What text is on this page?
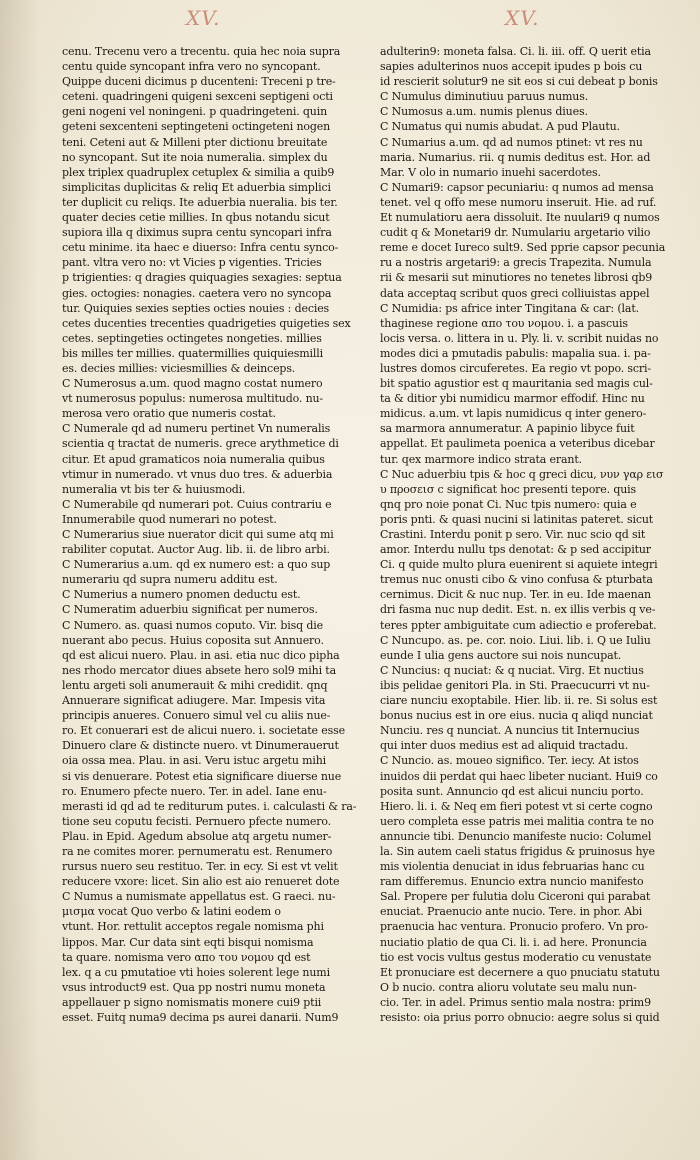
XV.	XV.
cenu. Trecenu vero a trecentu. quia hec noia supra
centu quide syncopant infra vero no syncopant.
Quippe duceni dicimus p ducenteni: Treceni p tre-
ceteni. quadringeni quigeni sexceni septigeni octi
geni nogeni vel noningeni. p quadringeteni. quin
geteni sexcenteni septingeteni octingeteni nogen
teni. Ceteni aut & Milleni pter dictionu breuitate
no syncopant. Sut ite noia numeralia. simplex du
plex triplex quadruplex cetuplex & similia a quib9
simplicitas duplicitas & reliq Et aduerbia simplici
ter duplicit cu reliqs. Ite aduerbia nueralia. bis ter.
quater decies cetie millies. In qbus notandu sicut
supiora illa q diximus supra centu syncopari infra
cetu minime. ita haec e diuerso: Infra centu synco-
pant. vltra vero no: vt Vicies p vigenties. Tricies
p trigienties: q dragies quiquagies sexagies: septua
gies. octogies: nonagies. caetera vero no syncopa
tur. Quiquies sexies septies octies nouies : decies
cetes ducenties trecenties quadrigeties quigeties sex
cetes. septingeties octingetes nongeties. millies
bis milles ter millies. quatermillies quiquiesmilli
es. decies millies: viciesmillies & deinceps.
C Numerosus a.um. quod magno costat numero
vt numerosus populus: numerosa multitudo. nu-
merosa vero oratio que numeris costat.
C Numerale qd ad numeru pertinet Vn numeralis
scientia q tractat de numeris. grece arythmetice di
citur. Et apud gramaticos noia numeralia quibus
vtimur in numerado. vt vnus duo tres. & aduerbia
numeralia vt bis ter & huiusmodi.
C Numerabile qd numerari pot. Cuius contrariu e
Innumerabile quod numerari no potest.
C Numerarius siue nuerator dicit qui sume atq mi
rabiliter coputat. Auctor Aug. lib. ii. de libro arbi.
C Numerarius a.um. qd ex numero est: a quo sup
numerariu qd supra numeru additu est.
C Numerius a numero pnomen deductu est.
C Numeratim aduerbiu significat per numeros.
C Numero. as. quasi numos coputo. Vir. bisq die
nuerant abo pecus. Huius coposita sut Annuero.
qd est alicui nuero. Plau. in asi. etia nuc dico pipha
nes rhodo mercator diues absete hero sol9 mihi ta
lentu argeti soli anumerauit & mihi credidit. qnq
Annuerare significat adiugere. Mar. Impesis vita
principis anueres. Conuero simul vel cu aliis nue-
ro. Et conuerari est de alicui nuero. i. societate esse
Dinuero clare & distincte nuero. vt Dinumerauerut
oia ossa mea. Plau. in asi. Veru istuc argetu mihi
si vis denuerare. Potest etia significare diuerse nue
ro. Enumero pfecte nuero. Ter. in adel. Iane enu-
merasti id qd ad te rediturum putes. i. calculasti & ra-
tione seu coputu fecisti. Pernuero pfecte numero.
Plau. in Epid. Agedum absolue atq argetu numer-
ra ne comites morer. pernumeratu est. Renumero
rursus nuero seu restituo. Ter. in ecy. Si est vt velit
reducere vxore: licet. Sin alio est aio renueret dote
C Numus a numismate appellatus est. G raeci. nu-
μισμα vocat Quo verbo & latini eodem o
vtunt. Hor. rettulit acceptos regale nomisma phi
lippos. Mar. Cur data sint eqti bisqui nomisma
ta quare. nomisma vero απο του νομου qd est
lex. q a cu pmutatioe vti hoies solerent lege numi
vsus introduct9 est. Qua pp nostri numu moneta
appellauer p signo nomismatis monere cui9 ptii
esset. Fuitq numa9 decima ps aurei danarii. Num9
adulterin9: moneta falsa. Ci. li. iii. off. Q uerit etia
sapies adulterinos nuos accepit ipudes p bois cu
id rescierit solutur9 ne sit eos si cui debeat p bonis
C Numulus diminutiuu paruus numus.
C Numosus a.um. numis plenus diues.
C Numatus qui numis abudat. A pud Plautu.
C Numarius a.um. qd ad numos ptinet: vt res nu
maria. Numarius. rii. q numis deditus est. Hor. ad
Mar. V olo in numario inuehi sacerdotes.
C Numari9: capsor pecuniariu: q numos ad mensa
tenet. vel q offo mese numoru inseruit. Hie. ad ruf.
Et numulatioru aera dissoluit. Ite nuulari9 q numos
cudit q & Monetari9 dr. Numulariu argetario vilio
reme e docet Iureco sult9. Sed pprie capsor pecunia
ru a nostris argetari9: a grecis Trapezita. Numula
rii & mesarii sut minutiores no tenetes librosi qb9
data acceptaq scribut quos greci colliuistas appel
C Numidia: ps africe inter Tingitana & car: (lat.
thaginese regione απο του νομου. i. a pascuis
locis versa. o. littera in u. Ply. li. v. scribit nuidas no
modes dici a pmutadis pabulis: mapalia sua. i. pa-
lustres domos circuferetes. Ea regio vt popo. scri-
bit spatio agustior est q mauritania sed magis cul-
ta & ditior ybi numidicu marmor effodif. Hinc nu
midicus. a.um. vt lapis numidicus q inter genero-
sa marmora annumeratur. A papinio libyce fuit
appellat. Et paulimeta poenica a veteribus dicebar
tur. qex marmore indico strata erant.
C Nuc aduerbiu tpis & hoc q greci dicu, νυν γαρ εισ
υ προσεισ c significat hoc presenti tepore. quis
qnq pro noie ponat Ci. Nuc tpis numero: quia e
poris pnti. & quasi nucini si latinitas pateret. sicut
Crastini. Interdu ponit p sero. Vir. nuc scio qd sit
amor. Interdu nullu tps denotat: & p sed accipitur
Ci. q quide multo plura euenirent si aquiete integri
tremus nuc onusti cibo & vino confusa & pturbata
cernimus. Dicit & nuc nup. Ter. in eu. Ide maenan
dri fasma nuc nup dedit. Est. n. ex illis verbis q ve-
teres ppter ambiguitate cum adiectio e proferebat.
C Nuncupo. as. pe. cor. noio. Liui. lib. i. Q ue Iuliu
eunde I ulia gens auctore sui nois nuncupat.
C Nuncius: q nuciat: & q nuciat. Virg. Et nuctius
ibis pelidae genitori Pla. in Sti. Praecucurri vt nu-
ciare nunciu exoptabile. Hier. lib. ii. re. Si solus est
bonus nucius est in ore eius. nucia q aliqd nunciat
Nunciu. res q nunciat. A nuncius tit Internucius
qui inter duos medius est ad aliquid tractadu.
C Nuncio. as. moueo significo. Ter. iecy. At istos
inuidos dii perdat qui haec libeter nuciant. Hui9 co
posita sunt. Annuncio qd est alicui nunciu porto.
Hiero. li. i. & Neq em fieri potest vt si certe cogno
uero completa esse patris mei malitia contra te no
annuncie tibi. Denuncio manifeste nucio: Columel
la. Sin autem caeli status frigidus & pruinosus hye
mis violentia denuciat in idus februarias hanc cu
ram differemus. Enuncio extra nuncio manifesto
Sal. Propere per fulutia dolu Ciceroni qui parabat
enuciat. Praenucio ante nucio. Tere. in phor. Abi
praenucia hac ventura. Pronucio profero. Vn pro-
nuciatio platio de qua Ci. li. i. ad here. Pronuncia
tio est vocis vultus gestus moderatio cu venustate
Et pronuciare est decernere a quo pnuciatu statutu
O b nucio. contra alioru volutate seu malu nun-
cio. Ter. in adel. Primus sentio mala nostra: prim9
resisto: oia prius porro obnucio: aegre solus si quid
